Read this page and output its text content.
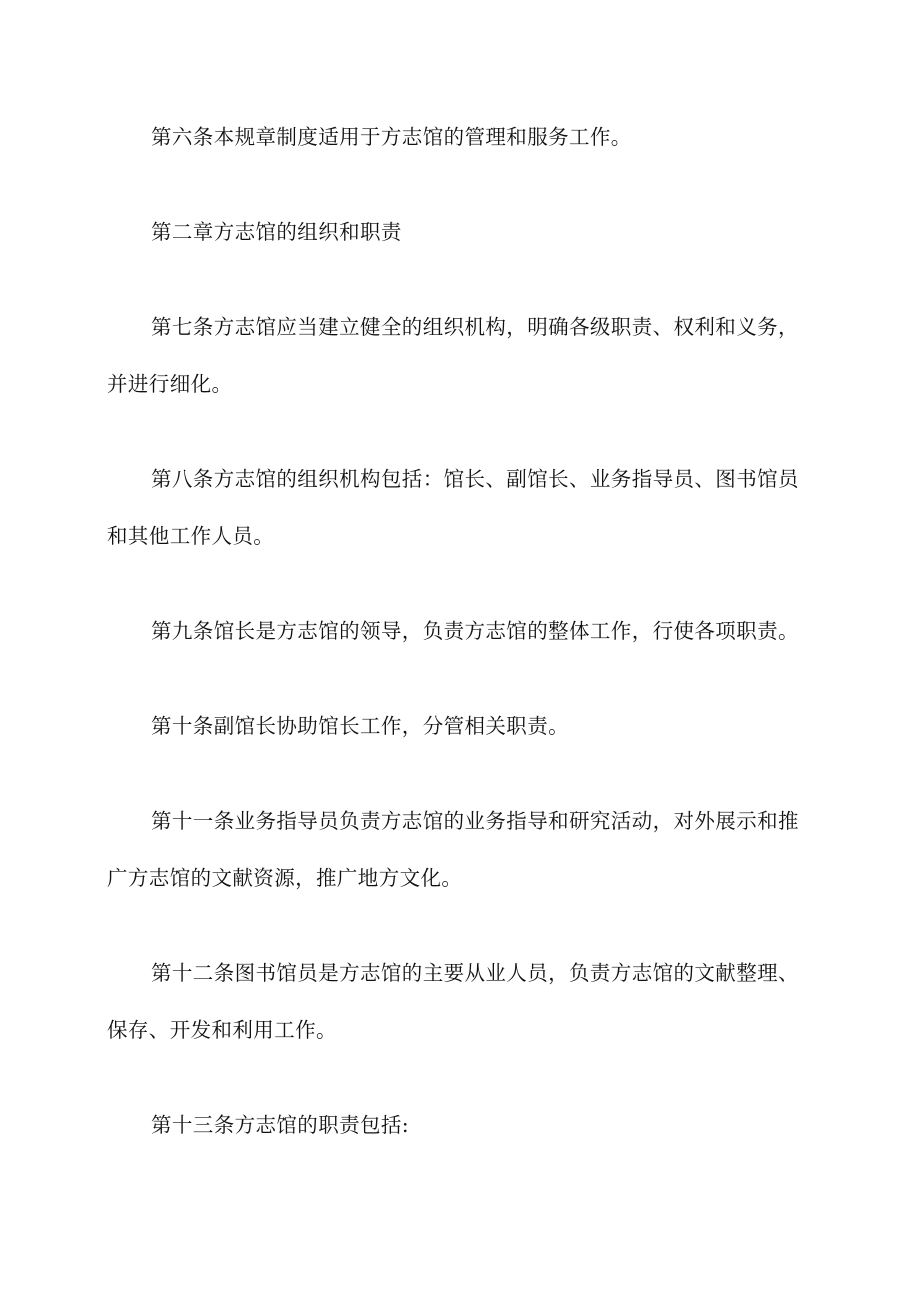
第六条本规章制度适用于方志馆的管理和服务工作。

第二章方志馆的组织和职责

第七条方志馆应当建立健全的组织机构，明确各级职责、权利和义务，并进行细化。

第八条方志馆的组织机构包括：馆长、副馆长、业务指导员、图书馆员和其他工作人员。

第九条馆长是方志馆的领导，负责方志馆的整体工作，行使各项职责。

第十条副馆长协助馆长工作，分管相关职责。

第十一条业务指导员负责方志馆的业务指导和研究活动，对外展示和推广方志馆的文献资源，推广地方文化。

第十二条图书馆员是方志馆的主要从业人员，负责方志馆的文献整理、保存、开发和利用工作。

第十三条方志馆的职责包括:
